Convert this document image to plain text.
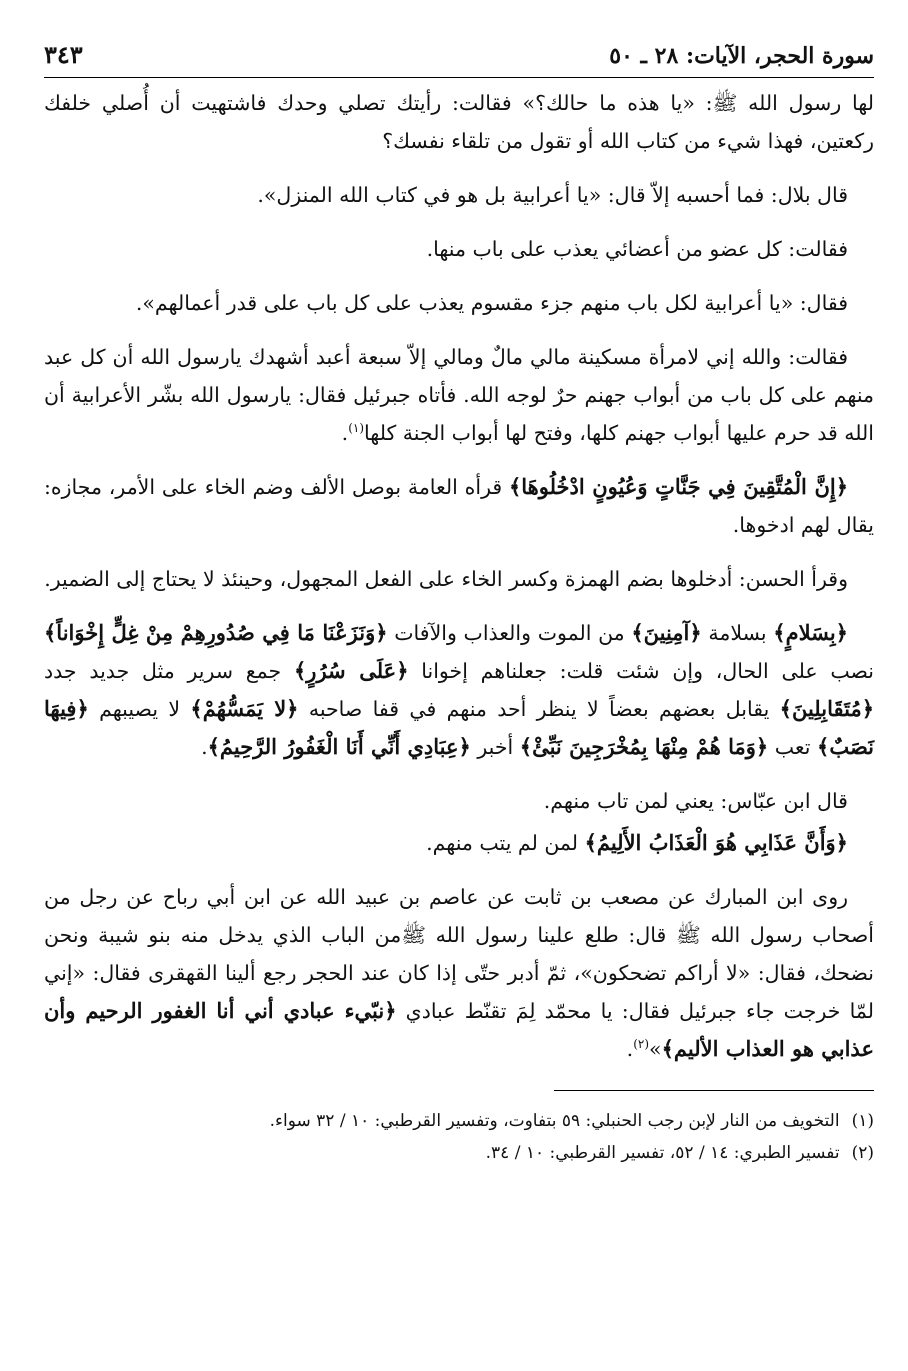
سورة الحجر، الآيات: ٢٨ ـ ٥٠
٣٤٣

لها رسول الله ﷺ: «يا هذه ما حالك؟» فقالت: رأيتك تصلي وحدك فاشتهيت أن أُصلي خلفك ركعتين، فهذا شيء من كتاب الله أو تقول من تلقاء نفسك؟

قال بلال: فما أحسبه إلاّ قال: «يا أعرابية بل هو في كتاب الله المنزل».

فقالت: كل عضو من أعضائي يعذب على باب منها.

فقال: «يا أعرابية لكل باب منهم جزء مقسوم يعذب على كل باب على قدر أعمالهم».

فقالت: والله إني لامرأة مسكينة مالي مالٌ ومالي إلاّ سبعة أعبد أشهدك يارسول الله أن كل عبد منهم على كل باب من أبواب جهنم حرٌ لوجه الله. فأتاه جبرئيل فقال: يارسول الله بشّر الأعرابية أن الله قد حرم عليها أبواب جهنم كلها، وفتح لها أبواب الجنة كلها$^{(١)}$.

﴿إِنَّ الْمُتَّقِينَ فِي جَنَّاتٍ وَعُيُونٍ ادْخُلُوهَا﴾ قرأه العامة بوصل الألف وضم الخاء على الأمر، مجازه: يقال لهم ادخوها.

وقرأ الحسن: أدخلوها بضم الهمزة وكسر الخاء على الفعل المجهول، وحينئذ لا يحتاج إلى الضمير.

﴿بِسَلامٍ﴾ بسلامة ﴿آمِنِينَ﴾ من الموت والعذاب والآفات ﴿وَنَزَعْنَا مَا فِي صُدُورِهِمْ مِنْ غِلٍّ إِخْوَاناً﴾ نصب على الحال، وإن شئت قلت: جعلناهم إخوانا ﴿عَلَى سُرُرٍ﴾ جمع سرير مثل جديد جدد ﴿مُتَقَابِلِينَ﴾ يقابل بعضهم بعضاً لا ينظر أحد منهم في قفا صاحبه ﴿لا يَمَسُّهُمْ﴾ لا يصيبهم ﴿فِيهَا نَصَبٌ﴾ تعب ﴿وَمَا هُمْ مِنْهَا بِمُخْرَجِينَ نَبِّئْ﴾ أخبر ﴿عِبَادِي أَنِّي أَنَا الْغَفُورُ الرَّحِيمُ﴾.

قال ابن عبّاس: يعني لمن تاب منهم.

﴿وَأَنَّ عَذَابِي هُوَ الْعَذَابُ الأَلِيمُ﴾ لمن لم يتب منهم.

روى ابن المبارك عن مصعب بن ثابت عن عاصم بن عبيد الله عن ابن أبي رباح عن رجل من أصحاب رسول الله ﷺ قال: طلع علينا رسول الله ﷺمن الباب الذي يدخل منه بنو شيبة ونحن نضحك، فقال: «لا أراكم تضحكون»، ثمّ أدبر حتّى إذا كان عند الحجر رجع ألينا القهقرى فقال: «إني لمّا خرجت جاء جبرئيل فقال: يا محمّد لِمَ تقنّط عبادي ﴿نبّيء عبادي أني أنا الغفور الرحيم وأن عذابي هو العذاب الأليم﴾»$^{(٢)}$.

(١)
التخويف من النار لإبن رجب الحنبلي: ٥٩ بتفاوت، وتفسير القرطبي: ١٠ / ٣٢ سواء.
(٢)
تفسير الطبري: ١٤ / ٥٢، تفسير القرطبي: ١٠ / ٣٤.
